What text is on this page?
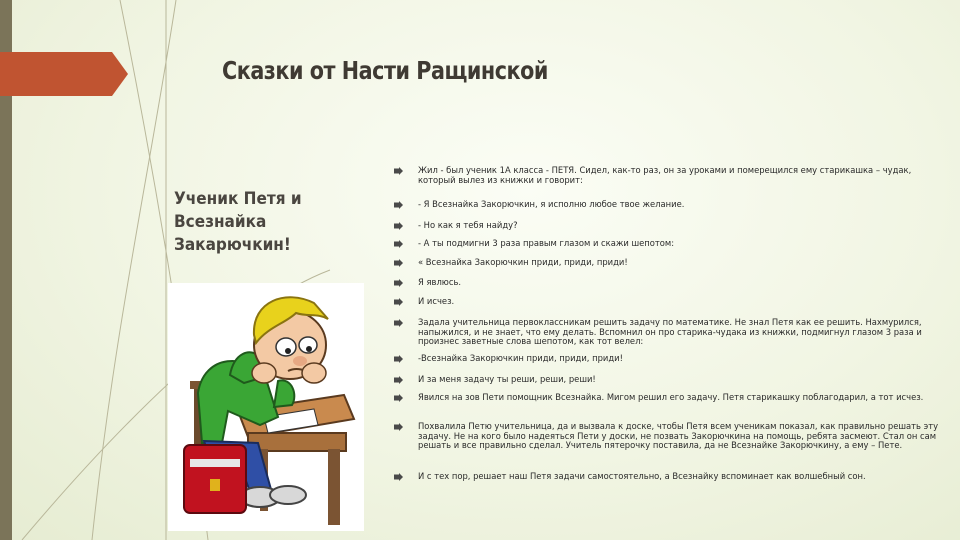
Сказки от Насти Ращинской

Ученик Петя и Всезнайка Закарючкин!

Жил - был ученик 1А класса - ПЕТЯ. Сидел, как-то раз, он за уроками и померещился ему старикашка – чудак, который вылез из книжки и говорит:
- Я Всезнайка Закорючкин, я исполню любое твое желание.
- Но как я тебя найду?
- А ты подмигни 3 раза правым глазом и скажи шепотом:
« Всезнайка Закорючкин приди, приди, приди!
Я явлюсь.
И исчез.
Задала учительница первоклассникам решить задачу по математике. Не знал Петя как ее решить. Нахмурился, напыжился, и не знает, что ему делать. Вспомнил он про старика-чудака из книжки, подмигнул глазом 3 раза и произнес заветные слова шепотом, как тот велел:
-Всезнайка Закорючкин приди, приди, приди!
И за меня задачу ты реши, реши, реши!
Явился на зов Пети помощник Всезнайка. Мигом решил его задачу. Петя старикашку поблагодарил, а тот исчез.
Похвалила Петю учительница, да и вызвала к доске, чтобы Петя всем ученикам показал, как правильно решать эту задачу. Не на кого было надеяться Пети у доски, не позвать Закорючкина на помощь, ребята засмеют. Стал он сам решать и все правильно сделал. Учитель пятерочку поставила, да не Всезнайке Закорючкину, а ему – Пете.
И с тех пор, решает наш Петя задачи самостоятельно, а Всезнайку вспоминает как волшебный сон.
